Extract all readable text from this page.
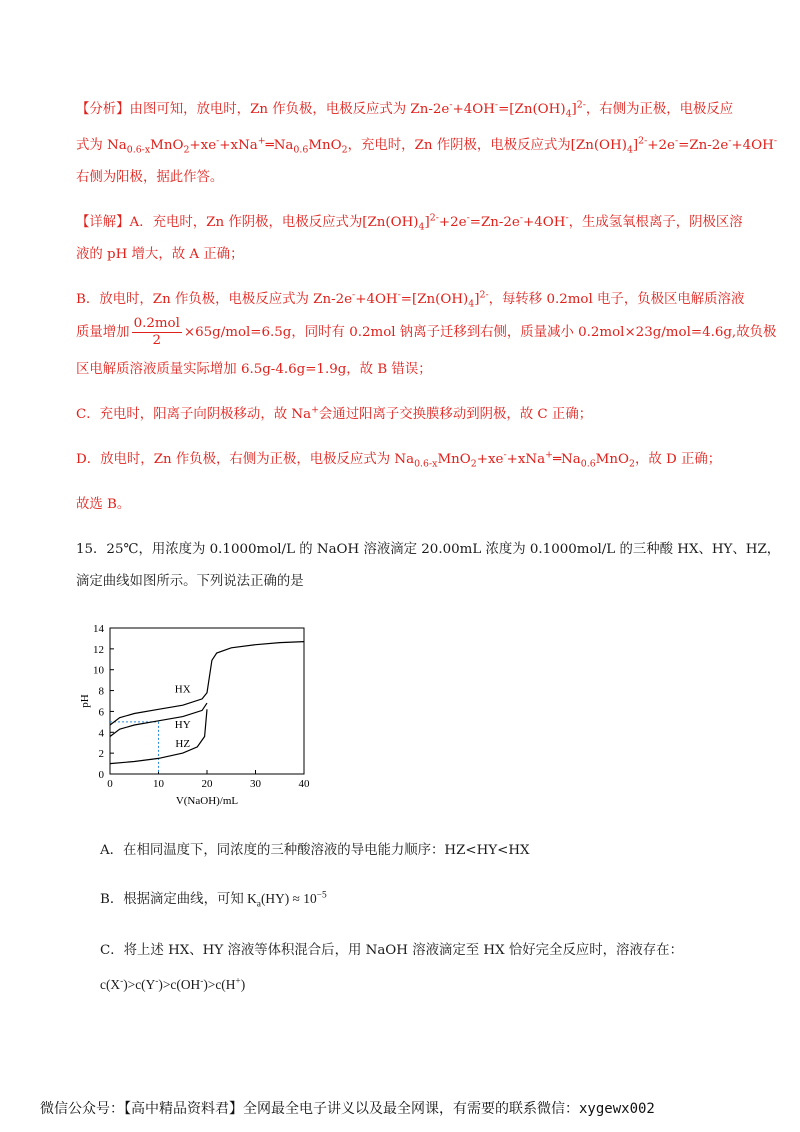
【分析】由图可知，放电时，Zn 作负极，电极反应式为 $Zn-2e^-+4OH^-=[Zn(OH)_4]^{2-}$，右侧为正极，电极反应
式为 $Na_{0.6-x}MnO_2+xe^-+xNa^+═Na_{0.6}MnO_2$，充电时，Zn 作阴极，电极反应式为$[Zn(OH)_4]^{2-}+2e^-=Zn-2e^-+4OH^-$
右侧为阳极，据此作答。
【详解】A．充电时，Zn 作阴极，电极反应式为$[Zn(OH)_4]^{2-}+2e^-=Zn-2e^-+4OH^-$，生成氢氧根离子，阴极区溶
液的 pH 增大，故 A 正确；
B．放电时，Zn 作负极，电极反应式为 $Zn-2e^-+4OH^-=[Zn(OH)_4]^{2-}$，每转移 0.2mol 电子，负极区电解质溶液
质量增加 $\frac{\text{0.2mol}}{2} \times 65g/mol=6.5g$，同时有 0.2mol 钠离子迁移到右侧，质量减小 0.2mol×23g/mol=4.6g,故负极
区电解质溶液质量实际增加 6.5g-4.6g=1.9g，故 B 错误；
C．充电时，阳离子向阴极移动，故 Na+会通过阳离子交换膜移动到阴极，故 C 正确；
D．放电时，Zn 作负极，右侧为正极，电极反应式为 $Na_{0.6-x}MnO_2+xe^-+xNa^+═Na_{0.6}MnO_2$，故 D 正确；
故选 B。
15．25℃，用浓度为 0.1000mol/L 的 NaOH 溶液滴定 20.00mL 浓度为 0.1000mol/L 的三种酸 HX、HY、HZ，
滴定曲线如图所示。下列说法正确的是
0	10	20	30	40
0
2
4
6
8
10
12
14
V(NaOH)/mL
pH
HX
HY
HZ
A．在相同温度下，同浓度的三种酸溶液的导电能力顺序：HZ<HY<HX
B．根据滴定曲线，可知 $K_a(HY) \approx 10^{-5}$
C．将上述 HX、HY 溶液等体积混合后，用 NaOH 溶液滴定至 HX 恰好完全反应时，溶液存在：
c(X-)>c(Y-)>c(OH-)>c(H+)
微信公众号：【高中精品资料君】全网最全电子讲义以及最全网课，有需要的联系微信：xygewx002
